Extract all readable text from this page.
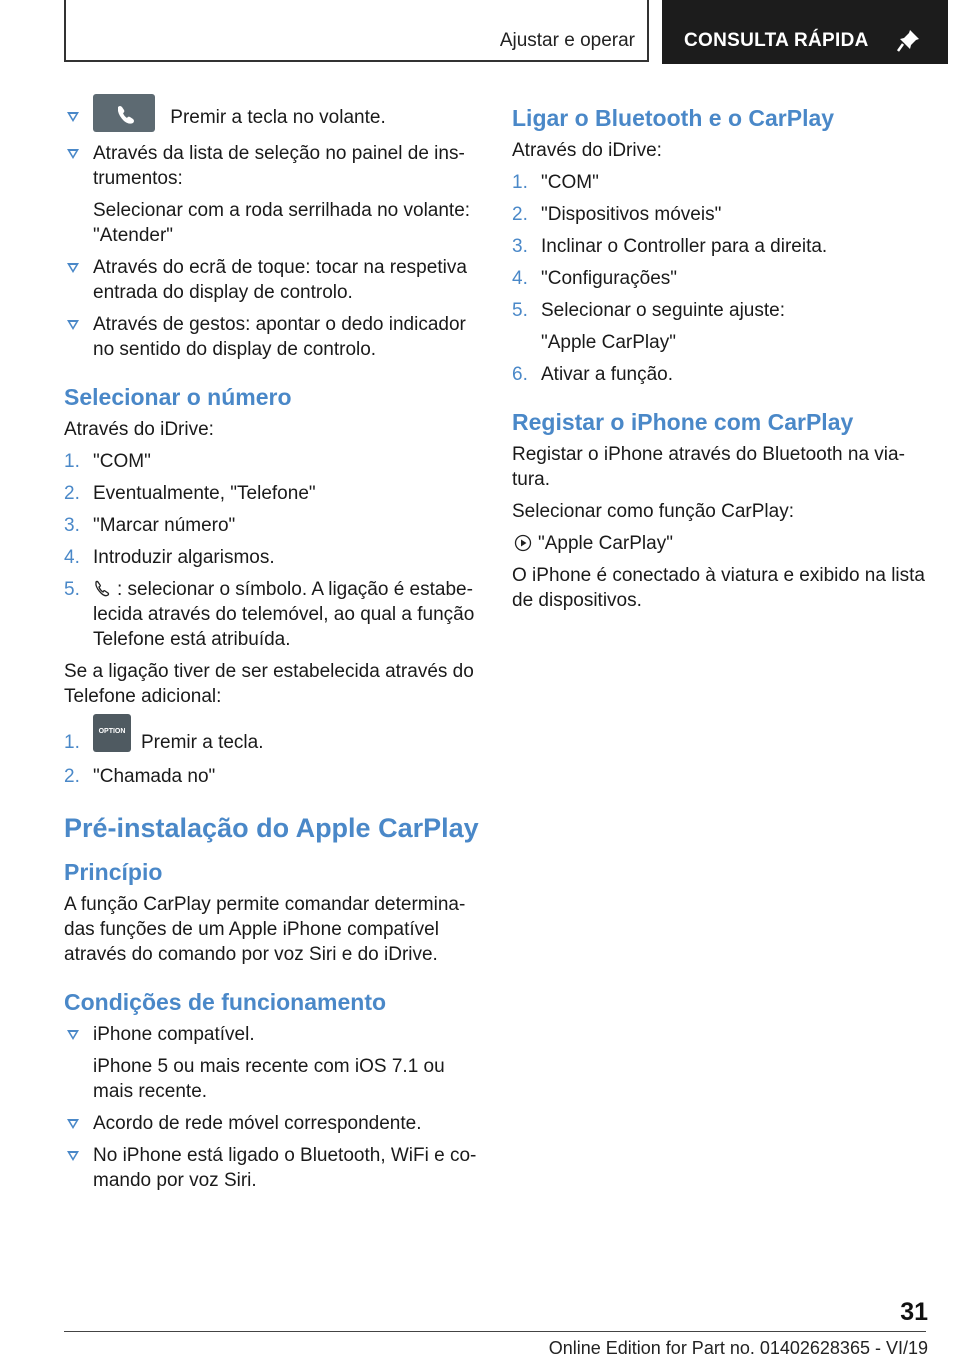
Ajustar e operar	CONSULTA RÁPIDA
Premir a tecla no volante.
Através da lista de seleção no painel de ins-trumentos:
Selecionar com a roda serrilhada no volante: "Atender"
Através do ecrã de toque: tocar na respetiva entrada do display de controlo.
Através de gestos: apontar o dedo indicador no sentido do display de controlo.
Selecionar o número

Através do iDrive:

1. "COM"
2. Eventualmente, "Telefone"
3. "Marcar número"
4. Introduzir algarismos.
5. : selecionar o símbolo. A ligação é estabe-lecida através do telemóvel, ao qual a função Telefone está atribuída.

Se a ligação tiver de ser estabelecida através do Telefone adicional:

1.
OPTION
Premir a tecla.
2. "Chamada no"
Pré-instalação do Apple CarPlay
Princípio

A função CarPlay permite comandar determina-das funções de um Apple iPhone compatível através do comando por voz Siri e do iDrive.

Condições de funcionamento
iPhone compatível.
iPhone 5 ou mais recente com iOS 7.1 ou mais recente.
Acordo de rede móvel correspondente.
No iPhone está ligado o Bluetooth, WiFi e co-mando por voz Siri.
Ligar o Bluetooth e o CarPlay

Através do iDrive:

1. "COM"
2. "Dispositivos móveis"
3. Inclinar o Controller para a direita.
4. "Configurações"
5. Selecionar o seguinte ajuste:
"Apple CarPlay"
6. Ativar a função.
Registar o iPhone com CarPlay

Registar o iPhone através do Bluetooth na via-tura.

Selecionar como função CarPlay:

"Apple CarPlay"

O iPhone é conectado à viatura e exibido na lista de dispositivos.

31
Online Edition for Part no. 01402628365 - VI/19
